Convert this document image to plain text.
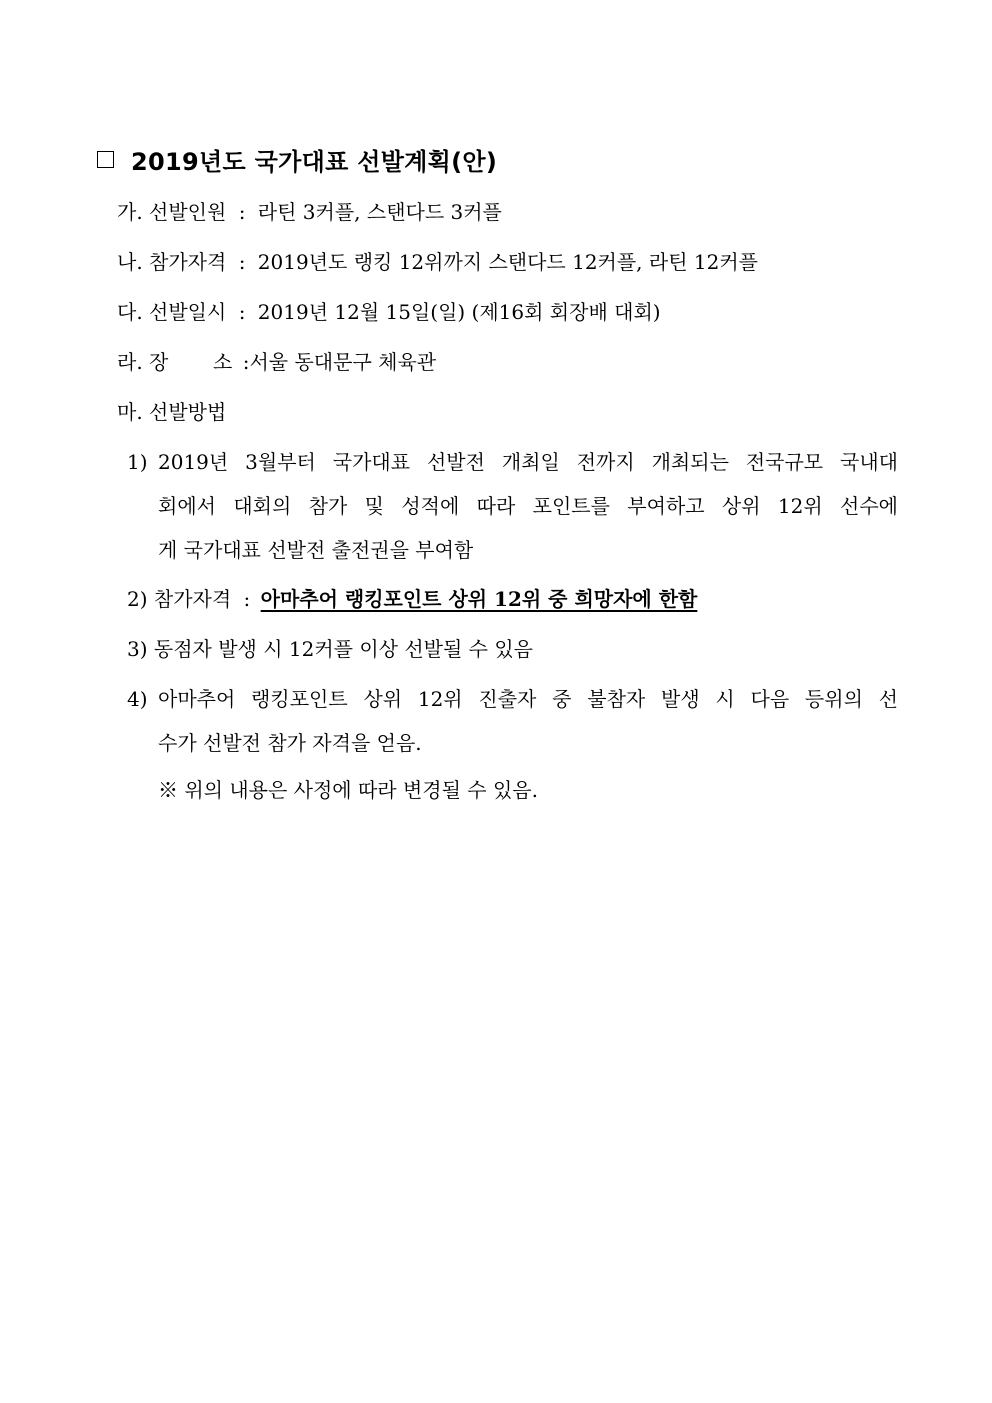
2019년도 국가대표 선발계획(안)
가. 선발인원 : 라틴 3커플, 스탠다드 3커플
나. 참가자격 : 2019년도 랭킹 12위까지 스탠다드 12커플, 라틴 12커플
다. 선발일시 : 2019년 12월 15일(일) (제16회 회장배 대회)
라. 장 소 :서울 동대문구 체육관
마. 선발방법
1) 2019년 3월부터 국가대표 선발전 개최일 전까지 개최되는 전국규모 국내대
회에서 대회의 참가 및 성적에 따라 포인트를 부여하고 상위 12위 선수에
게 국가대표 선발전 출전권을 부여함
2) 참가자격 : 아마추어 랭킹포인트 상위 12위 중 희망자에 한함
3) 동점자 발생 시 12커플 이상 선발될 수 있음
4) 아마추어 랭킹포인트 상위 12위 진출자 중 불참자 발생 시 다음 등위의 선
수가 선발전 참가 자격을 얻음.
※ 위의 내용은 사정에 따라 변경될 수 있음.
